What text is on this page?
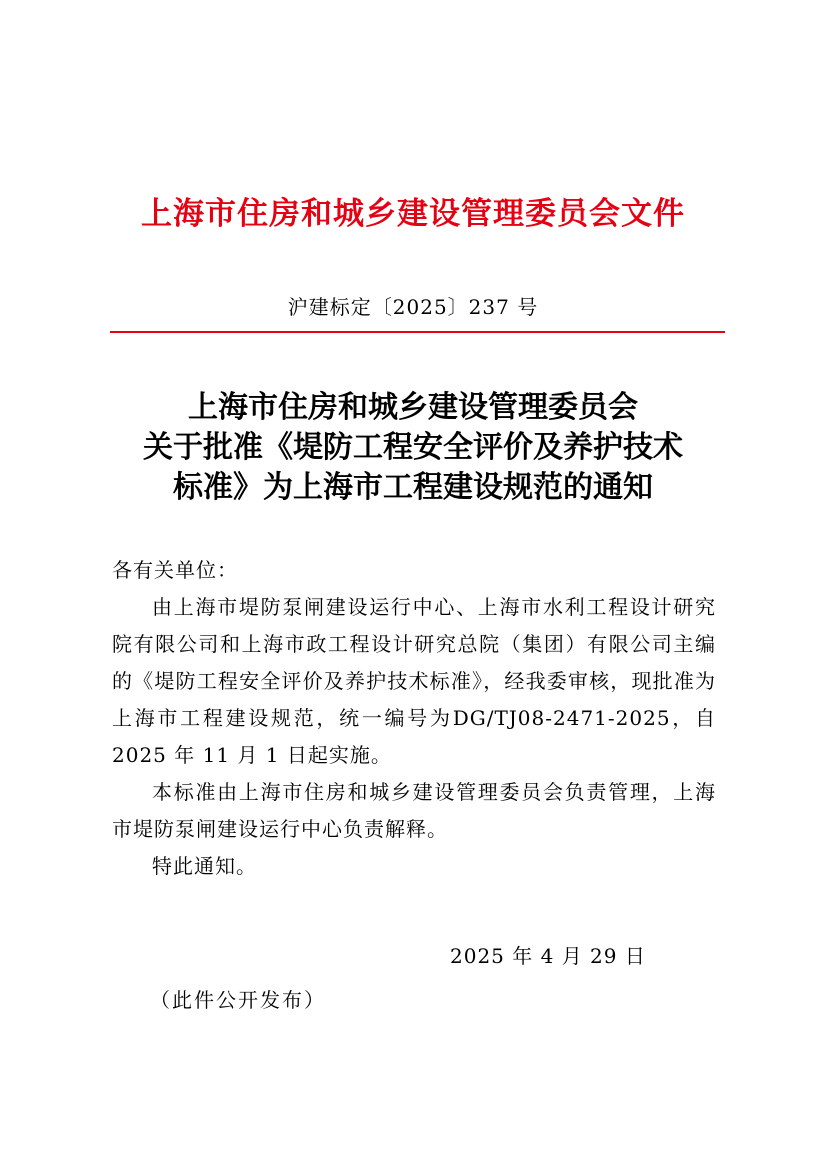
上海市住房和城乡建设管理委员会文件
沪建标定〔2025〕237 号
上海市住房和城乡建设管理委员会
关于批准《堤防工程安全评价及养护技术
标准》为上海市工程建设规范的通知

各有关单位：

由上海市堤防泵闸建设运行中心、上海市水利工程设计研究院有限公司和上海市政工程设计研究总院（集团）有限公司主编的《堤防工程安全评价及养护技术标准》，经我委审核，现批准为上海市工程建设规范，统一编号为DG/TJ08-2471-2025，自 2025 年 11 月 1 日起实施。

本标准由上海市住房和城乡建设管理委员会负责管理，上海市堤防泵闸建设运行中心负责解释。

特此通知。

2025 年 4 月 29 日
（此件公开发布）
